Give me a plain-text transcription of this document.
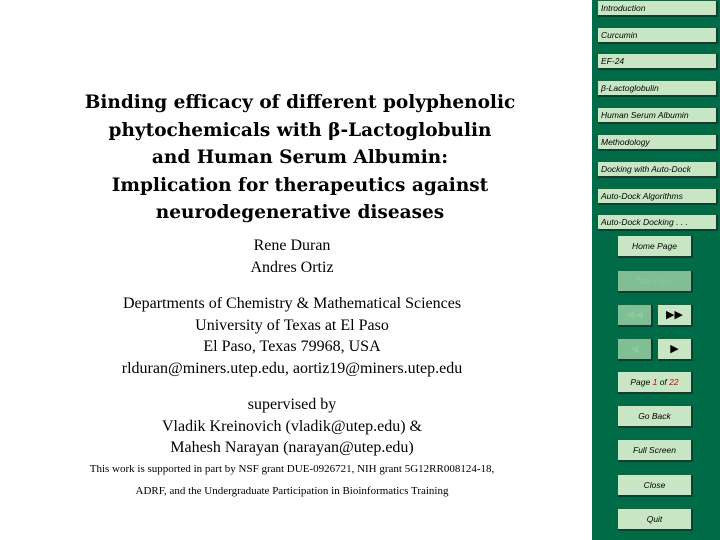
Binding efficacy of different polyphenolic
phytochemicals with β-Lactoglobulin
and Human Serum Albumin:
Implication for therapeutics against
neurodegenerative diseases
Rene Duran
Andres Ortiz
Departments of Chemistry & Mathematical Sciences
University of Texas at El Paso
El Paso, Texas 79968, USA
rlduran@miners.utep.edu, aortiz19@miners.utep.edu
supervised by
Vladik Kreinovich (vladik@utep.edu) &
Mahesh Narayan (narayan@utep.edu)
This work is supported in part by NSF grant DUE-0926721, NIH grant 5G12RR008124-18,
ADRF, and the Undergraduate Participation in Bioinformatics Training
Introduction
Curcumin
EF-24
β-Lactoglobulin
Human Serum Albumin
Methodology
Docking with Auto-Dock
Auto-Dock Algorithms
Auto-Dock Docking . . .
Home Page
Title Page
◀◀	▶▶
◀	▶
Page 1 of 22
Go Back
Full Screen
Close
Quit
